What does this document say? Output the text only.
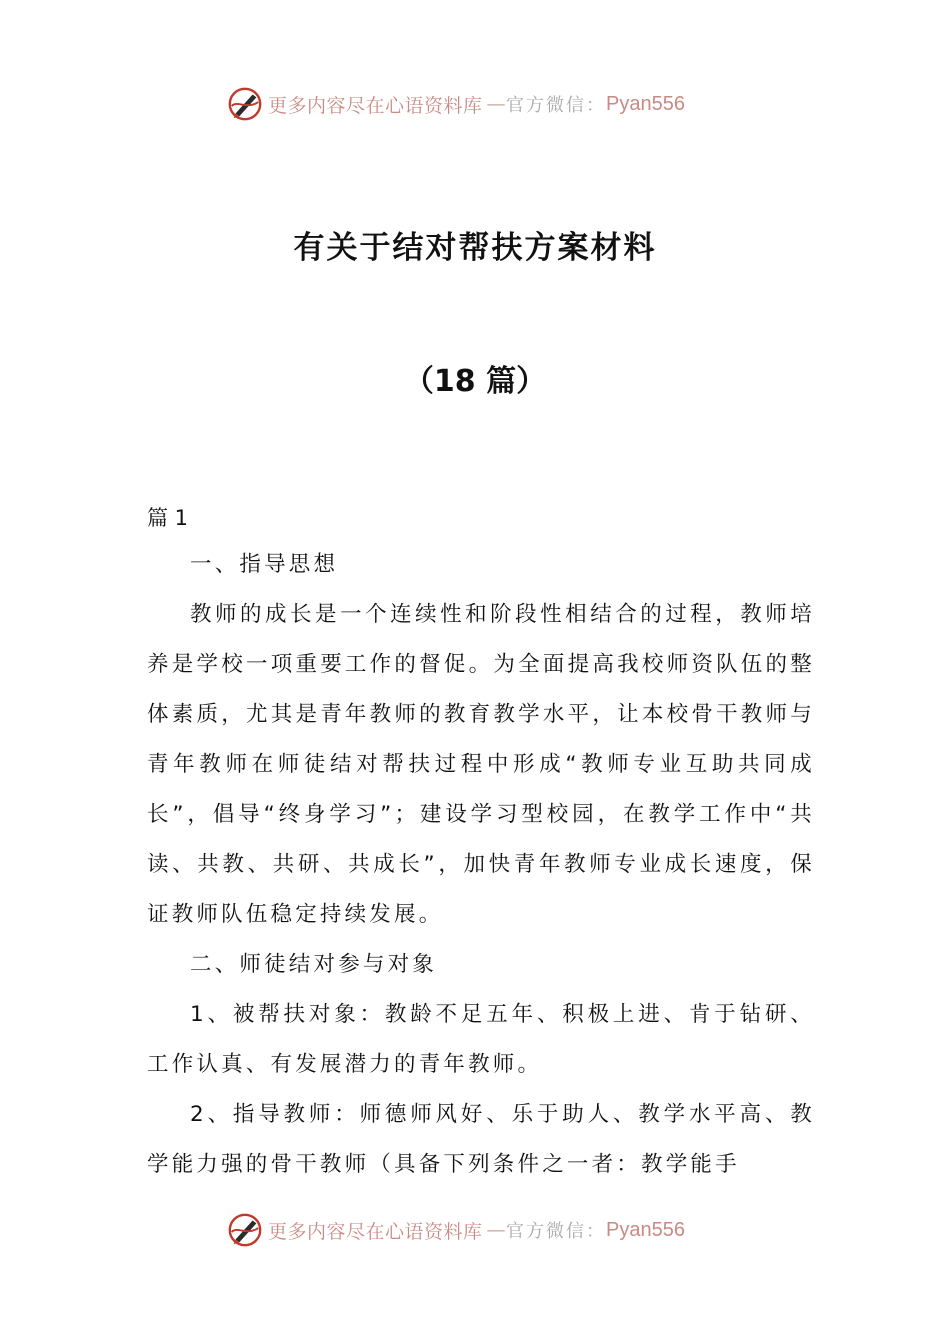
更多内容尽在心语资料库 — 官方微信： Pyan556
有关于结对帮扶方案材料
（18 篇）
篇 1

一、指导思想

教师的成长是一个连续性和阶段性相结合的过程，教师培养是学校一项重要工作的督促。为全面提高我校师资队伍的整体素质，尤其是青年教师的教育教学水平，让本校骨干教师与青年教师在师徒结对帮扶过程中形成“教师专业互助共同成长”，倡导“终身学习”；建设学习型校园，在教学工作中“共读、共教、共研、共成长”，加快青年教师专业成长速度，保证教师队伍稳定持续发展。

二、师徒结对参与对象

1、被帮扶对象：教龄不足五年、积极上进、肯于钻研、工作认真、有发展潜力的青年教师。

2、指导教师：师德师风好、乐于助人、教学水平高、教学能力强的骨干教师（具备下列条件之一者：教学能手

更多内容尽在心语资料库 — 官方微信： Pyan556
